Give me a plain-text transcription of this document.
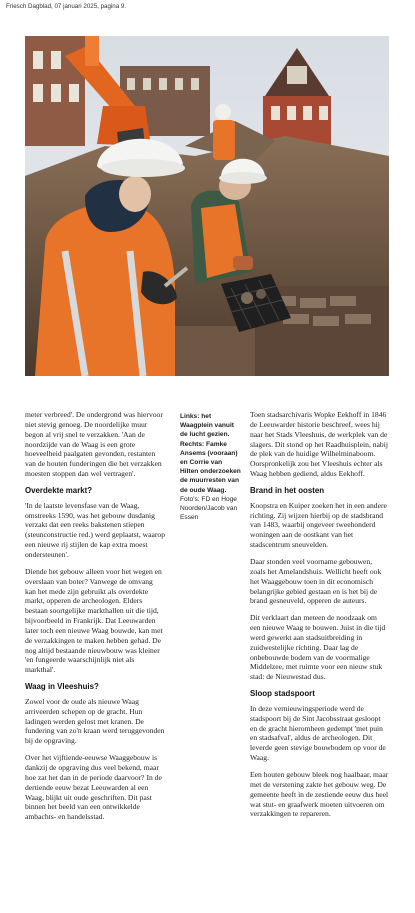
Friesch Dagblad, 07 januari 2025, pagina 9.
Links: het Waagplein vanuit de lucht gezien. Rechts: Famke Ansems (vooraan) en Corrie van Hilten onderzoeken de muurresten van de oude Waag. Foto's: FD en Hoge Noorden/Jacob van Essen

meter verbreed'. De ondergrond was hiervoor niet stevig genoeg. De noordelijke muur begon al vrij snel te verzakken. 'Aan de noordzijde van de Waag is een grote hoeveelheid paalgaten gevonden, restanten van de houten funderingen die het verzakken moesten stoppen dan wel vertragen'.

Overdekte markt?

'In de laatste levensfase van de Waag, omstreeks 1590, was het gebouw dusdanig verzakt dat een reeks bakstenen stiepen (steunconstructie red.) werd geplaatst, waarop een nieuwe rij stijlen de kap extra moest ondersteunen'.

Diende het gebouw alleen voor het wegen en overslaan van boter? Vanwege de omvang kan het mede zijn gebruikt als overdekte markt, opperen de archeologen. Elders bestaan soortgelijke markthallen uit die tijd, bijvoorbeeld in Frankrijk. Dat Leeuwarden later toch een nieuwe Waag bouwde, kan met de verzakkingen te maken hebben gehad. De nog altijd bestaande nieuwbouw was kleiner 'en fungeerde waarschijnlijk niet als markthal'.

Waag in Vleeshuis?

Zowel voor de oude als nieuwe Waag arriveerden schepen op de gracht. Hun ladingen werden gelost met kranen. De fundering van zo'n kraan werd teruggevonden bij de opgraving.

Over het vijftiende-eeuwse Waaggebouw is dankzij de opgraving dus veel bekend, maar hoe zat het dan in de periode daarvoor? In de dertiende eeuw bezat Leeuwarden al een Waag, blijkt uit oude geschriften. Dit past binnen het beeld van een ontwikkelde ambachts- en handelsstad.

Toen stadsarchivaris Wopke Eekhoff in 1846 de Leeuwarder historie beschreef, wees hij naar het Stads Vleeshuis, de werkplek van de slagers. Dit stond op het Raadhuisplein, nabij de plek van de huidige Wilhelminaboom. Oorspronkelijk zou het Vleeshuis echter als Waag hebben gediend, aldus Eekhoff.

Brand in het oosten

Koopstra en Kuiper zoeken het in een andere richting. Zij wijzen hierbij op de stadsbrand van 1483, waarbij ongeveer tweehonderd woningen aan de oostkant van het stadscentrum sneuvelden.

Daar stonden veel voorname gebouwen, zoals het Amelandshuis. Wellicht heeft ook het Waaggebouw toen in dit economisch belangrijke gebied gestaan en is het bij de brand gesneuveld, opperen de auteurs.

Dit verklaart dan meteen de noodzaak om een nieuwe Waag te bouwen. Juist in die tijd werd gewerkt aan stadsuitbreiding in zuidwestelijke richting. Daar lag de onbebouwde bodem van de voormalige Middelzee, met ruimte voor een nieuw stuk stad: de Nieuwestad dus.

Sloop stadspoort

In deze vernieuwingsperiode werd de stadspoort bij de Sint Jacobsstraat gesloopt en de gracht hieromheen gedempt 'met puin en stadsafval', aldus de archeologen. Dit leverde geen stevige bouwbodem op voor de Waag.

Een houten gebouw bleek nog haalbaar, maar met de verstening zakte het gebouw weg. De gemeente heeft in de zestiende eeuw dus heel wat stut- en graafwerk moeten uitvoeren om verzakkingen te repareren.
